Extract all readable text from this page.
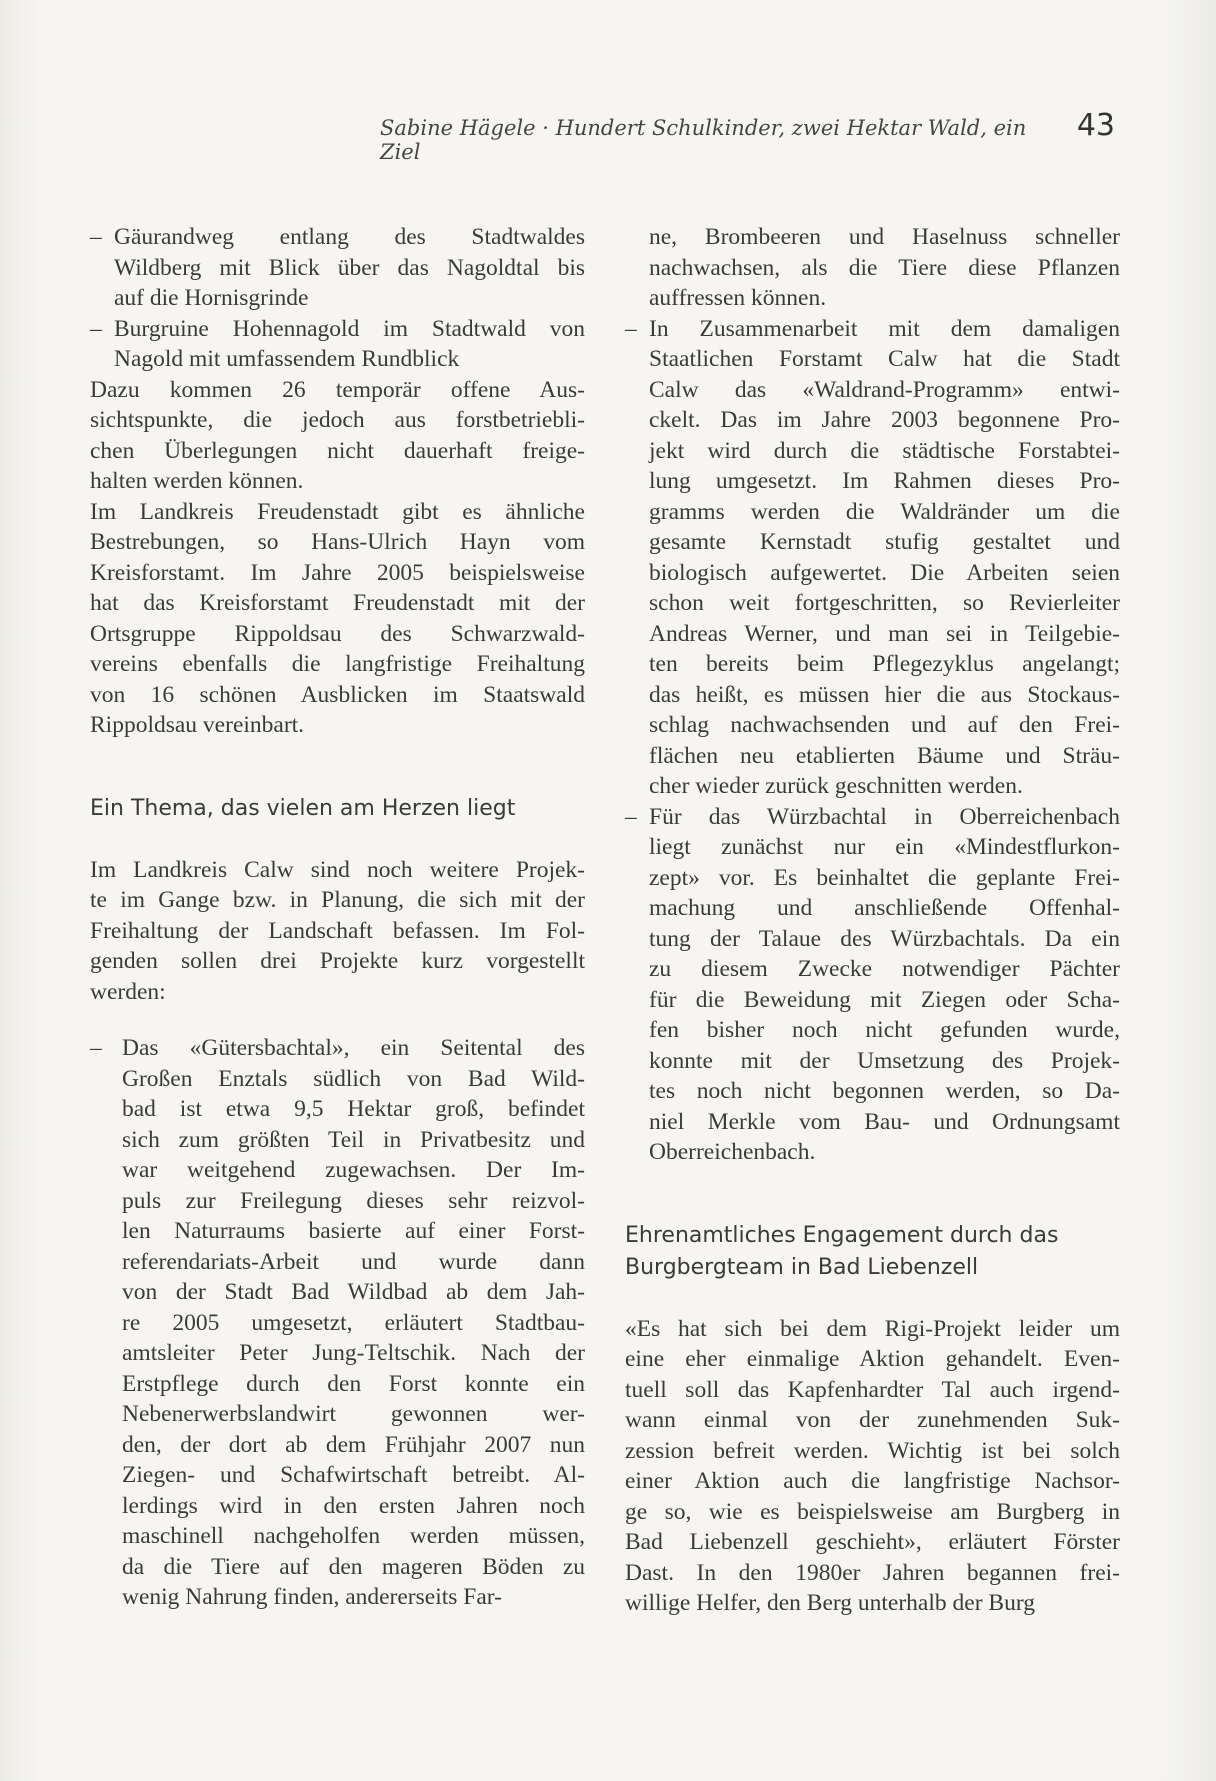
Sabine Hägele · Hundert Schulkinder, zwei Hektar Wald, ein Ziel
43
– Gäurandweg entlang des Stadtwaldes
Wildberg mit Blick über das Nagoldtal bis
auf die Hornisgrinde
– Burgruine Hohennagold im Stadtwald von
Nagold mit umfassendem Rundblick
Dazu kommen 26 temporär offene Aus-
sichtspunkte, die jedoch aus forstbetriebli-
chen Überlegungen nicht dauerhaft freige-
halten werden können.
Im Landkreis Freudenstadt gibt es ähnliche
Bestrebungen, so Hans-Ulrich Hayn vom
Kreisforstamt. Im Jahre 2005 beispielsweise
hat das Kreisforstamt Freudenstadt mit der
Ortsgruppe Rippoldsau des Schwarzwald-
vereins ebenfalls die langfristige Freihaltung
von 16 schönen Ausblicken im Staatswald
Rippoldsau vereinbart.
Ein Thema, das vielen am Herzen liegt
Im Landkreis Calw sind noch weitere Projek-
te im Gange bzw. in Planung, die sich mit der
Freihaltung der Landschaft befassen. Im Fol-
genden sollen drei Projekte kurz vorgestellt
werden:
– Das «Gütersbachtal», ein Seitental des
Großen Enztals südlich von Bad Wild-
bad ist etwa 9,5 Hektar groß, befindet
sich zum größten Teil in Privatbesitz und
war weitgehend zugewachsen. Der Im-
puls zur Freilegung dieses sehr reizvol-
len Naturraums basierte auf einer Forst-
referendariats-Arbeit und wurde dann
von der Stadt Bad Wildbad ab dem Jah-
re 2005 umgesetzt, erläutert Stadtbau-
amtsleiter Peter Jung-Teltschik. Nach der
Erstpflege durch den Forst konnte ein
Nebenerwerbslandwirt gewonnen wer-
den, der dort ab dem Frühjahr 2007 nun
Ziegen- und Schafwirtschaft betreibt. Al-
lerdings wird in den ersten Jahren noch
maschinell nachgeholfen werden müssen,
da die Tiere auf den mageren Böden zu
wenig Nahrung finden, andererseits Far-
ne, Brombeeren und Haselnuss schneller
nachwachsen, als die Tiere diese Pflanzen
auffressen können.
– In Zusammenarbeit mit dem damaligen
Staatlichen Forstamt Calw hat die Stadt
Calw das «Waldrand-Programm» entwi-
ckelt. Das im Jahre 2003 begonnene Pro-
jekt wird durch die städtische Forstabtei-
lung umgesetzt. Im Rahmen dieses Pro-
gramms werden die Waldränder um die
gesamte Kernstadt stufig gestaltet und
biologisch aufgewertet. Die Arbeiten seien
schon weit fortgeschritten, so Revierleiter
Andreas Werner, und man sei in Teilgebie-
ten bereits beim Pflegezyklus angelangt;
das heißt, es müssen hier die aus Stockaus-
schlag nachwachsenden und auf den Frei-
flächen neu etablierten Bäume und Sträu-
cher wieder zurück geschnitten werden.
– Für das Würzbachtal in Oberreichenbach
liegt zunächst nur ein «Mindestflurkon-
zept» vor. Es beinhaltet die geplante Frei-
machung und anschließende Offenhal-
tung der Talaue des Würzbachtals. Da ein
zu diesem Zwecke notwendiger Pächter
für die Beweidung mit Ziegen oder Scha-
fen bisher noch nicht gefunden wurde,
konnte mit der Umsetzung des Projek-
tes noch nicht begonnen werden, so Da-
niel Merkle vom Bau- und Ordnungsamt
Oberreichenbach.
Ehrenamtliches Engagement durch das
Burgbergteam in Bad Liebenzell
«Es hat sich bei dem Rigi-Projekt leider um
eine eher einmalige Aktion gehandelt. Even-
tuell soll das Kapfenhardter Tal auch irgend-
wann einmal von der zunehmenden Suk-
zession befreit werden. Wichtig ist bei solch
einer Aktion auch die langfristige Nachsor-
ge so, wie es beispielsweise am Burgberg in
Bad Liebenzell geschieht», erläutert Förster
Dast. In den 1980er Jahren begannen frei-
willige Helfer, den Berg unterhalb der Burg
